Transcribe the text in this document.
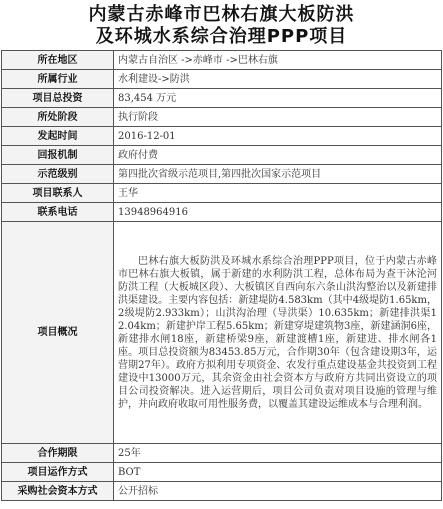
内蒙古赤峰市巴林右旗大板防洪
及环城水系综合治理PPP项目
所在地区	内蒙古自治区 ->赤峰市 ->巴林右旗
所属行业	水利建设->防洪
项目总投资	83,454 万元
所处阶段	执行阶段
发起时间	2016-12-01
回报机制	政府付费
示范级别	第四批次省级示范项目,第四批次国家示范项目
项目联系人	王华
联系电话	13948964916
项目概况	巴林右旗大板防洪及环城水系综合治理PPP项目，位于内蒙古赤峰市巴林右旗大板镇，属于新建的水利防洪工程，总体布局为查干沐沦河防洪工程（大板城区段）、大板镇区自西向东六条山洪沟整治以及新建排洪渠建设。主要内容包括：新建堤防4.583km（其中4级堤防1.65km，2级堤防2.933km）；山洪沟治理（导洪渠）10.635km；新建排洪渠12.04km；新建护岸工程5.65km；新建穿堤建筑物3座，新建涵洞6座，新建排水闸18座，新建桥梁9座，新建渡槽1座，新建进、排水闸各1座。项目总投资额为83453.85万元，合作期30年（包含建设期3年，运营期27年）。政府方拟利用专项资金、农发行重点建设基金共投资到工程建设中13000万元，其余资金由社会资本方与政府方共同出资设立的项目公司投资解决。进入运营期后，项目公司负责对项目设施的管理与维护，并向政府收取可用性服务费，以覆盖其建设运维成本与合理利润。
合作期限	25年
项目运作方式	BOT
采购社会资本方式	公开招标
